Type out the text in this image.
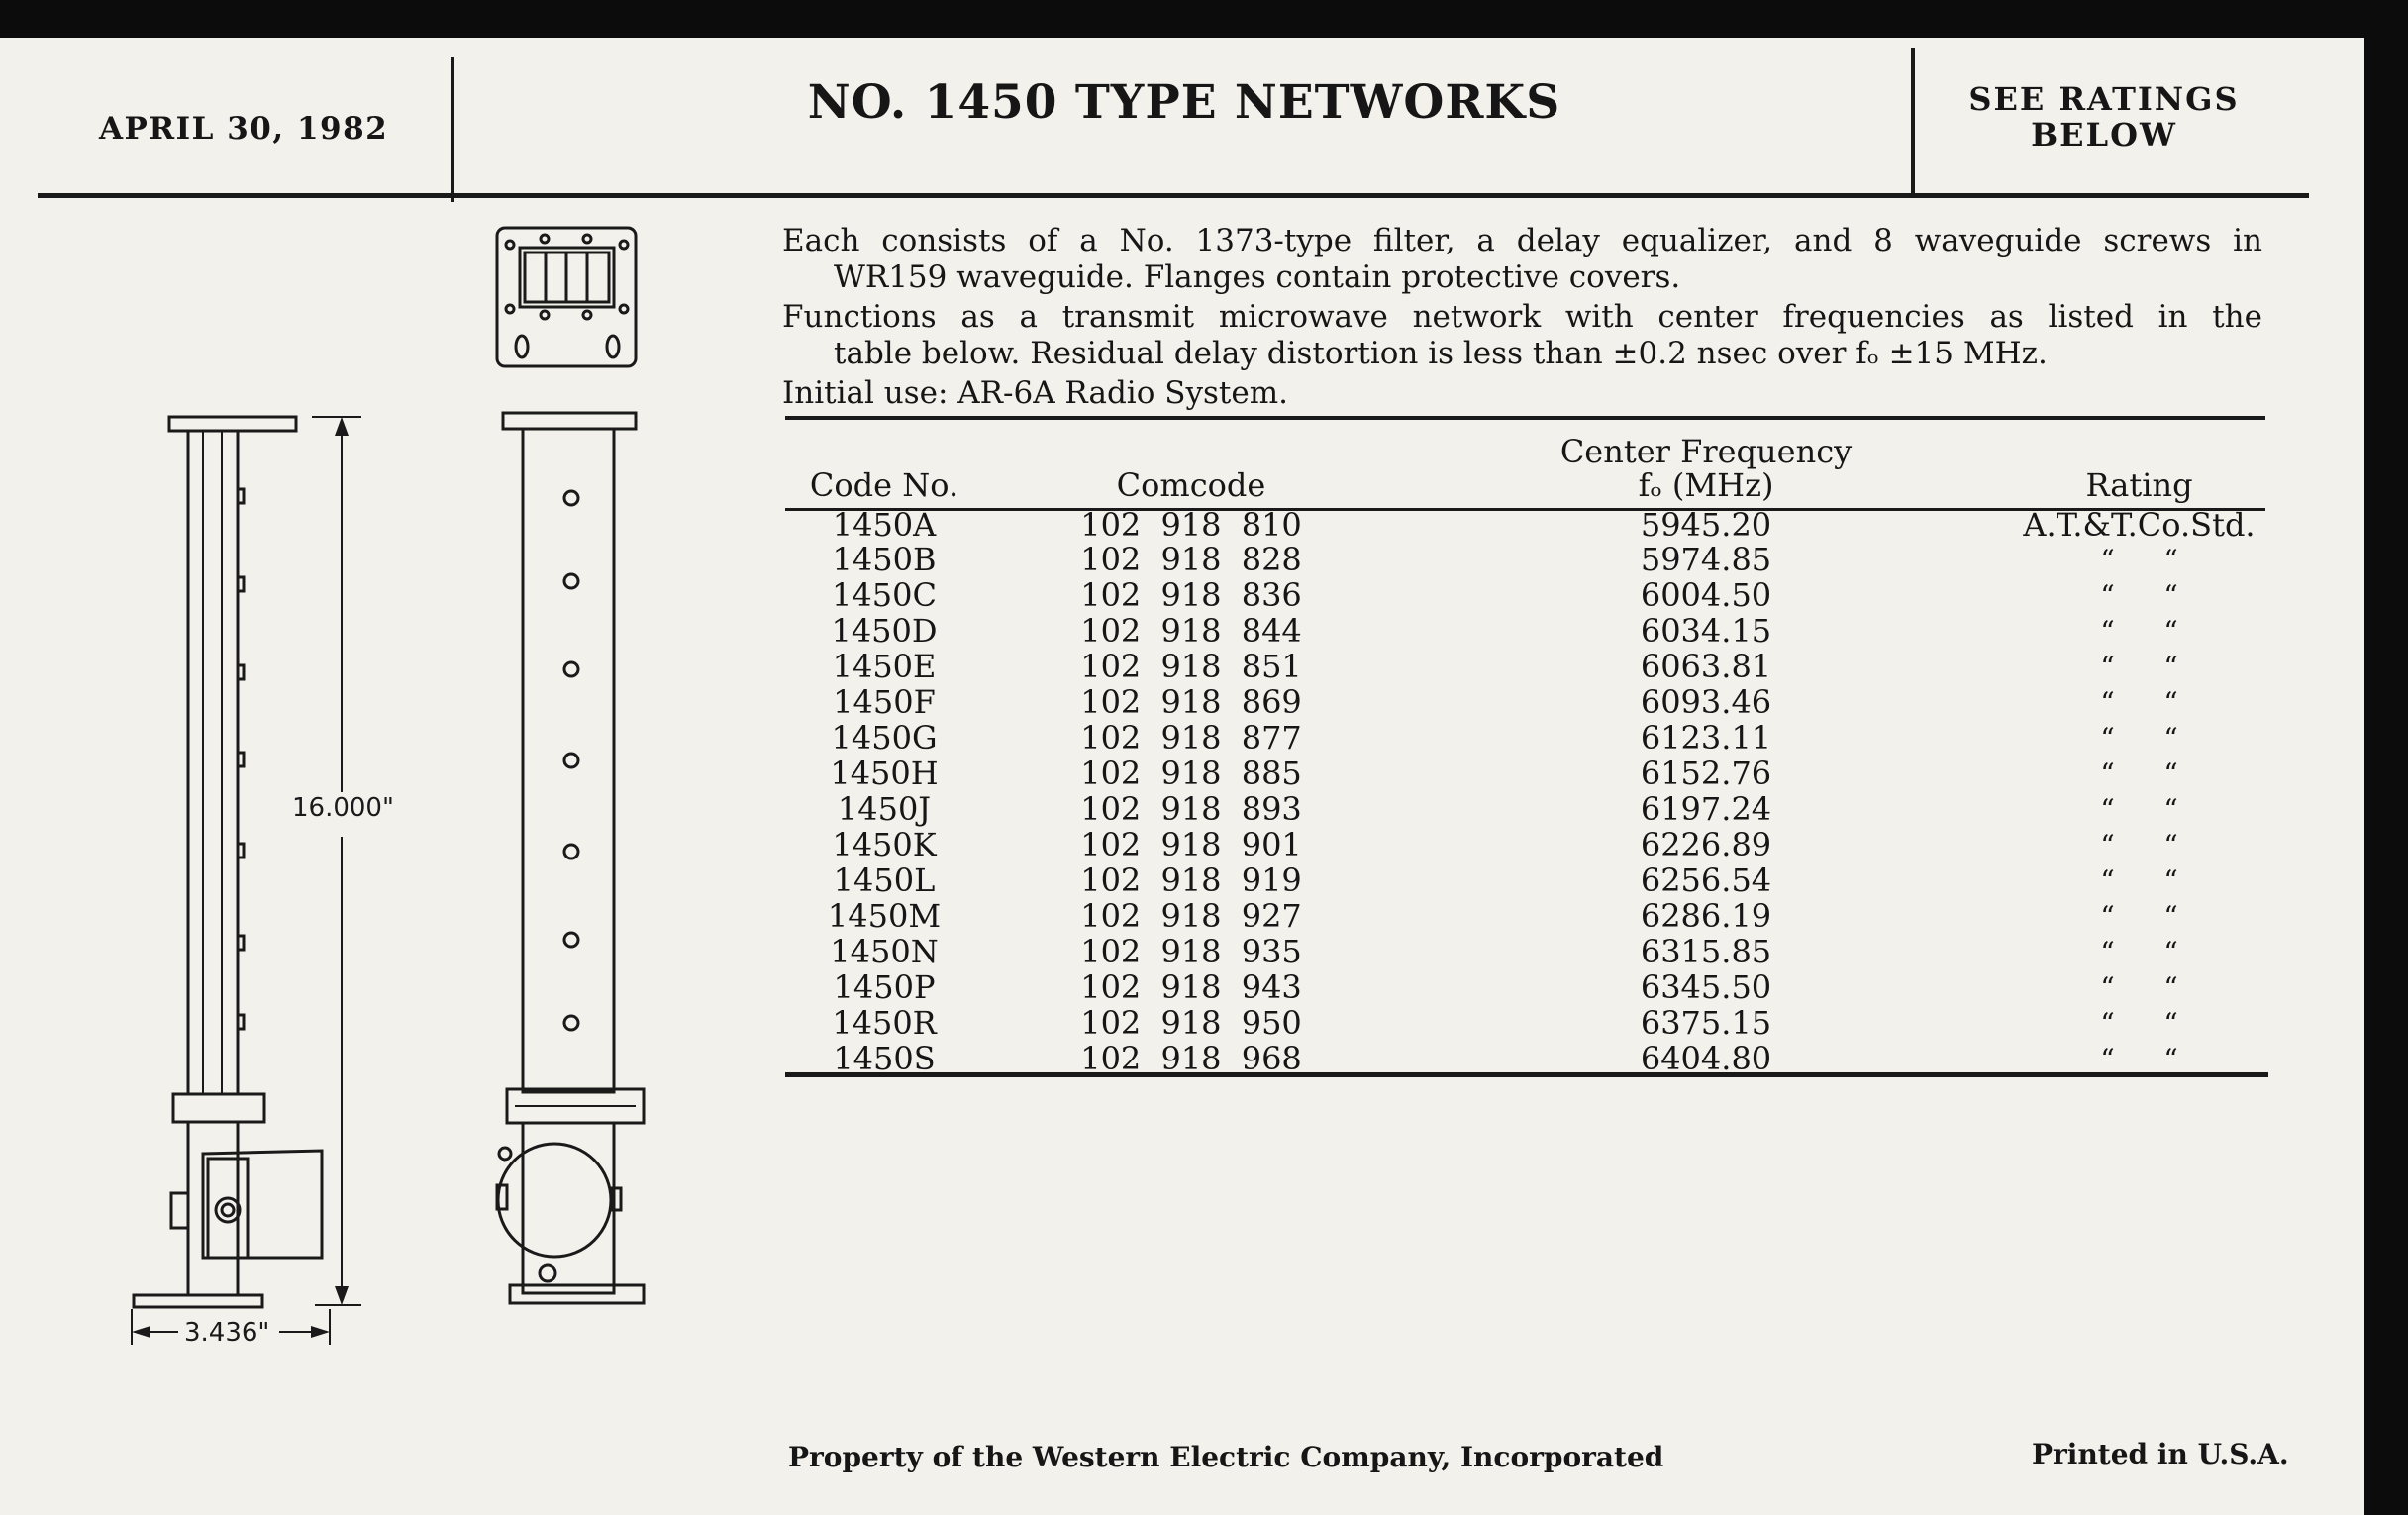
APRIL 30, 1982	NO. 1450 TYPE NETWORKS	SEE RATINGS
BELOW
Each consists of a No. 1373-type filter, a delay equalizer, and 8 waveguide screws in
WR159 waveguide. Flanges contain protective covers.
Functions as a transmit microwave network with center frequencies as listed in the
table below. Residual delay distortion is less than ±0.2 nsec over fₒ ±15 MHz.
Initial use: AR-6A Radio System.
Code No.	Comcode	Center Frequency
fₒ (MHz)	Rating
1450A	102 918 810	5945.20	A.T.&T.Co.Std.
1450B	102 918 828	5974.85	“ “
1450C	102 918 836	6004.50	“ “
1450D	102 918 844	6034.15	“ “
1450E	102 918 851	6063.81	“ “
1450F	102 918 869	6093.46	“ “
1450G	102 918 877	6123.11	“ “
1450H	102 918 885	6152.76	“ “
1450J	102 918 893	6197.24	“ “
1450K	102 918 901	6226.89	“ “
1450L	102 918 919	6256.54	“ “
1450M	102 918 927	6286.19	“ “
1450N	102 918 935	6315.85	“ “
1450P	102 918 943	6345.50	“ “
1450R	102 918 950	6375.15	“ “
1450S	102 918 968	6404.80	“ “
16.000"
3.436"
Property of the Western Electric Company, Incorporated	Printed in U.S.A.
